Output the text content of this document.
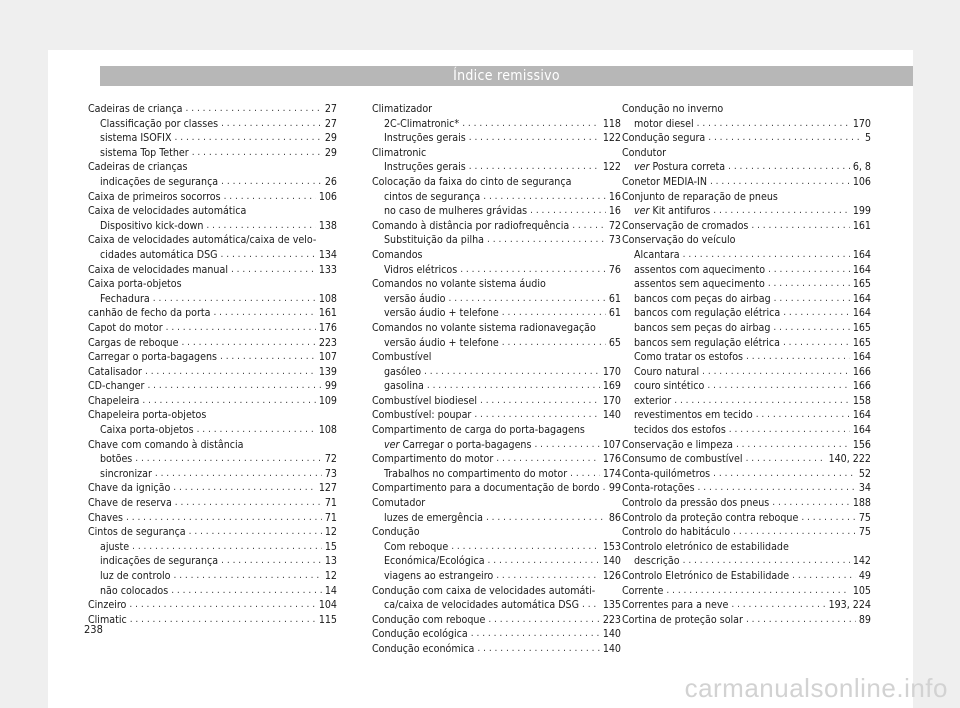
Índice remissivo
Cadeiras de criança . . .	27
Classificação por classes . . .	27
sistema ISOFIX . . .	29
sistema Top Tether . . .	29
Cadeiras de crianças
indicações de segurança . . .	26
Caixa de primeiros socorros . . .	106
Caixa de velocidades automática
Dispositivo kick-down . . .	138
Caixa de velocidades automática/caixa de velo-
cidades automática DSG . . .	134
Caixa de velocidades manual . . .	133
Caixa porta-objetos
Fechadura . . .	108
canhão de fecho da porta . . .	161
Capot do motor . . .	176
Cargas de reboque . . .	223
Carregar o porta-bagagens . . .	107
Catalisador . . .	139
CD-changer . . .	99
Chapeleira . . .	109
Chapeleira porta-objetos
Caixa porta-objetos . . .	108
Chave com comando à distância
botões . . .	72
sincronizar . . .	73
Chave da ignição . . .	127
Chave de reserva . . .	71
Chaves . . .	71
Cintos de segurança . . .	12
ajuste . . .	15
indicações de segurança . . .	13
luz de controlo . . .	12
não colocados . . .	14
Cinzeiro . . .	104
Climatic . . .	115
Climatizador
2C-Climatronic* . . .	118
Instruções gerais . . .	122
Climatronic
Instruções gerais . . .	122
Colocação da faixa do cinto de segurança
cintos de segurança . . .	16
no caso de mulheres grávidas . . .	16
Comando à distância por radiofrequência . . .	72
Substituição da pilha . . .	73
Comandos
Vidros elétricos . . .	76
Comandos no volante sistema áudio
versão áudio . . .	61
versão áudio + telefone . . .	61
Comandos no volante sistema radionavegação
versão áudio + telefone . . .	65
Combustível
gasóleo . . .	170
gasolina . . .	169
Combustível biodiesel . . .	170
Combustível: poupar . . .	140
Compartimento de carga do porta-bagagens
ver Carregar o porta-bagagens . . .	107
Compartimento do motor . . .	176
Trabalhos no compartimento do motor . . .	174
Compartimento para a documentação de bordo . . . 99
Comutador
luzes de emergência . . .	86
Condução
Com reboque . . .	153
Económica/Ecológica . . .	140
viagens ao estrangeiro . . .	126
Condução com caixa de velocidades automáti-
ca/caixa de velocidades automática DSG . . . 135
Condução com reboque . . .	223
Condução ecológica . . .	140
Condução económica . . .	140
Condução no inverno
motor diesel . . .	170
Condução segura . . .	5
Condutor
ver Postura correta . . .	6, 8
Conetor MEDIA-IN . . .	106
Conjunto de reparação de pneus
ver Kit antifuros . . .	199
Conservação de cromados . . .	161
Conservação do veículo
Alcantara . . .	164
assentos com aquecimento . . .	164
assentos sem aquecimento . . .	165
bancos com peças do airbag . . .	164
bancos com regulação elétrica . . .	164
bancos sem peças do airbag . . .	165
bancos sem regulação elétrica . . .	165
Como tratar os estofos . . .	164
Couro natural . . .	166
couro sintético . . .	166
exterior . . .	158
revestimentos em tecido . . .	164
tecidos dos estofos . . .	164
Conservação e limpeza . . .	156
Consumo de combustível . . .	140, 222
Conta-quilómetros . . .	52
Conta-rotações . . .	34
Controlo da pressão dos pneus . . .	188
Controlo da proteção contra reboque . . .	75
Controlo do habitáculo . . .	75
Controlo eletrónico de estabilidade
descrição . . .	142
Controlo Eletrónico de Estabilidade . . .	49
Corrente . . .	105
Correntes para a neve . . .	193, 224
Cortina de proteção solar . . .	89
238
carmanualsonline.info
